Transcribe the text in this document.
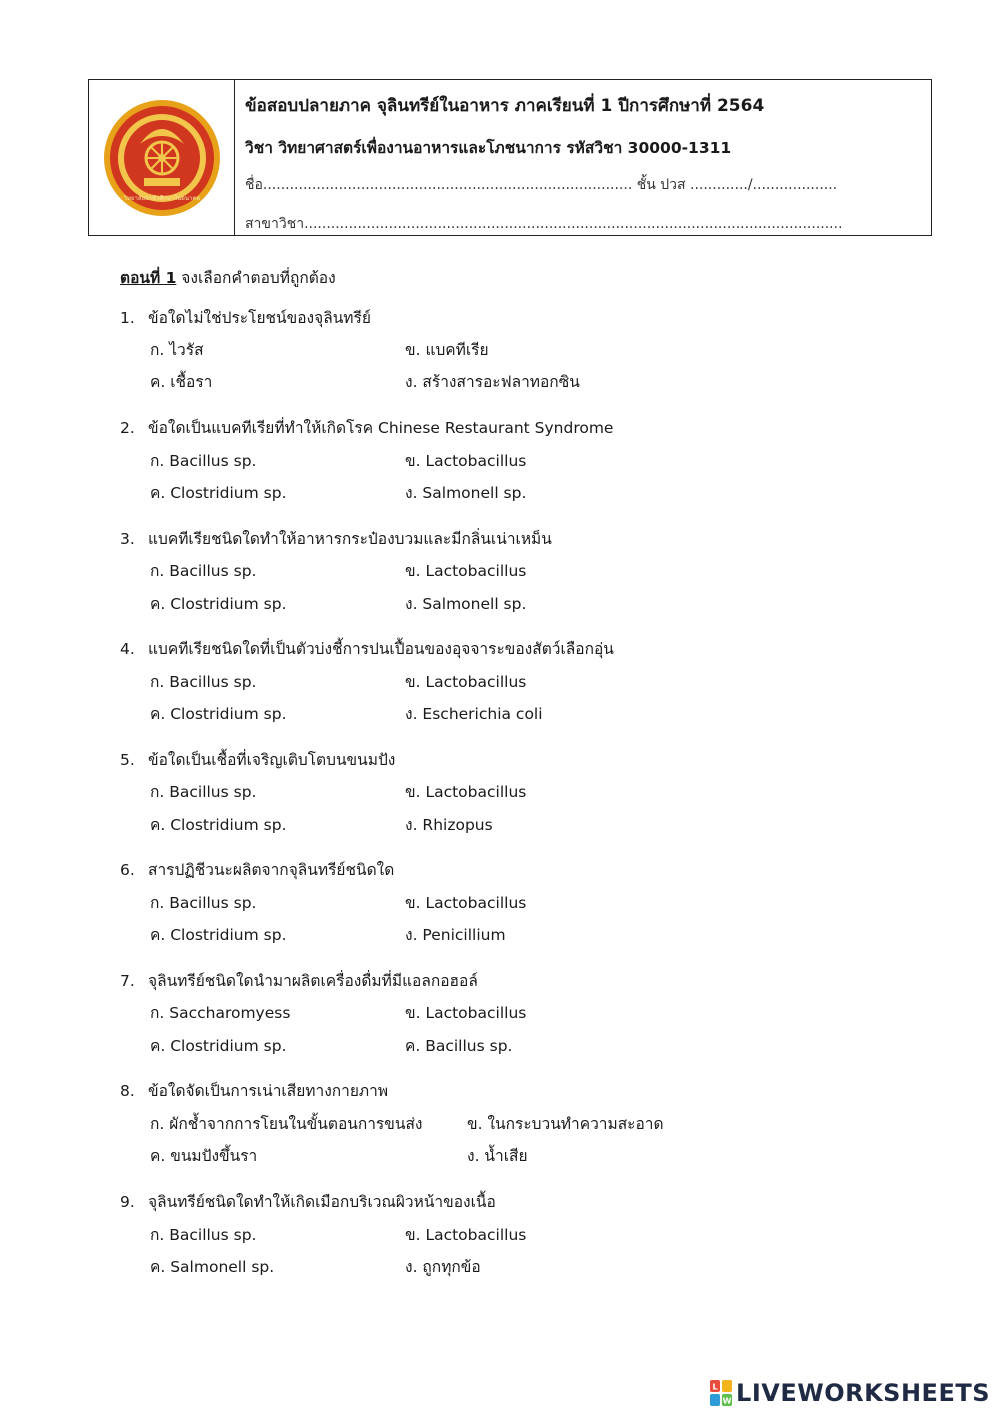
วิทยาลัยอาชีวศึกษาในอนาคต
ข้อสอบปลายภาค จุลินทรีย์ในอาหาร ภาคเรียนที่ 1 ปีการศึกษาที่ 2564
วิชา วิทยาศาสตร์เพื่องานอาหารและโภชนาการ รหัสวิชา 30000-1311
ชื่อ................................................................................... ชั้น ปวส ............./...................
สาขาวิชา.........................................................................................................................
ตอนที่ 1 จงเลือกคำตอบที่ถูกต้อง
1. ข้อใดไม่ใช่ประโยชน์ของจุลินทรีย์
ก. ไวรัส	ข. แบคทีเรีย
ค. เชื้อรา	ง. สร้างสารอะฟลาทอกซิน
2. ข้อใดเป็นแบคทีเรียที่ทำให้เกิดโรค Chinese Restaurant Syndrome
ก. Bacillus sp.	ข. Lactobacillus
ค. Clostridium sp.	ง. Salmonell sp.
3. แบคทีเรียชนิดใดทำให้อาหารกระป๋องบวมและมีกลิ่นเน่าเหม็น
ก. Bacillus sp.	ข. Lactobacillus
ค. Clostridium sp.	ง. Salmonell sp.
4. แบคทีเรียชนิดใดที่เป็นตัวบ่งชี้การปนเปื้อนของอุจจาระของสัตว์เลือกอุ่น
ก. Bacillus sp.	ข. Lactobacillus
ค. Clostridium sp.	ง. Escherichia coli
5. ข้อใดเป็นเชื้อที่เจริญเติบโตบนขนมปัง
ก. Bacillus sp.	ข. Lactobacillus
ค. Clostridium sp.	ง. Rhizopus
6. สารปฏิชีวนะผลิตจากจุลินทรีย์ชนิดใด
ก. Bacillus sp.	ข. Lactobacillus
ค. Clostridium sp.	ง. Penicillium
7. จุลินทรีย์ชนิดใดนำมาผลิตเครื่องดื่มที่มีแอลกอฮอล์
ก. Saccharomyess	ข. Lactobacillus
ค. Clostridium sp.	ค. Bacillus sp.
8. ข้อใดจัดเป็นการเน่าเสียทางกายภาพ
ก. ผักช้ำจากการโยนในขั้นตอนการขนส่ง	ข. ในกระบวนทำความสะอาด
ค. ขนมปังขึ้นรา	ง. น้ำเสีย
9. จุลินทรีย์ชนิดใดทำให้เกิดเมือกบริเวณผิวหน้าของเนื้อ
ก. Bacillus sp.	ข. Lactobacillus
ค. Salmonell sp.	ง. ถูกทุกข้อ
L
W LIVEWORKSHEETS
